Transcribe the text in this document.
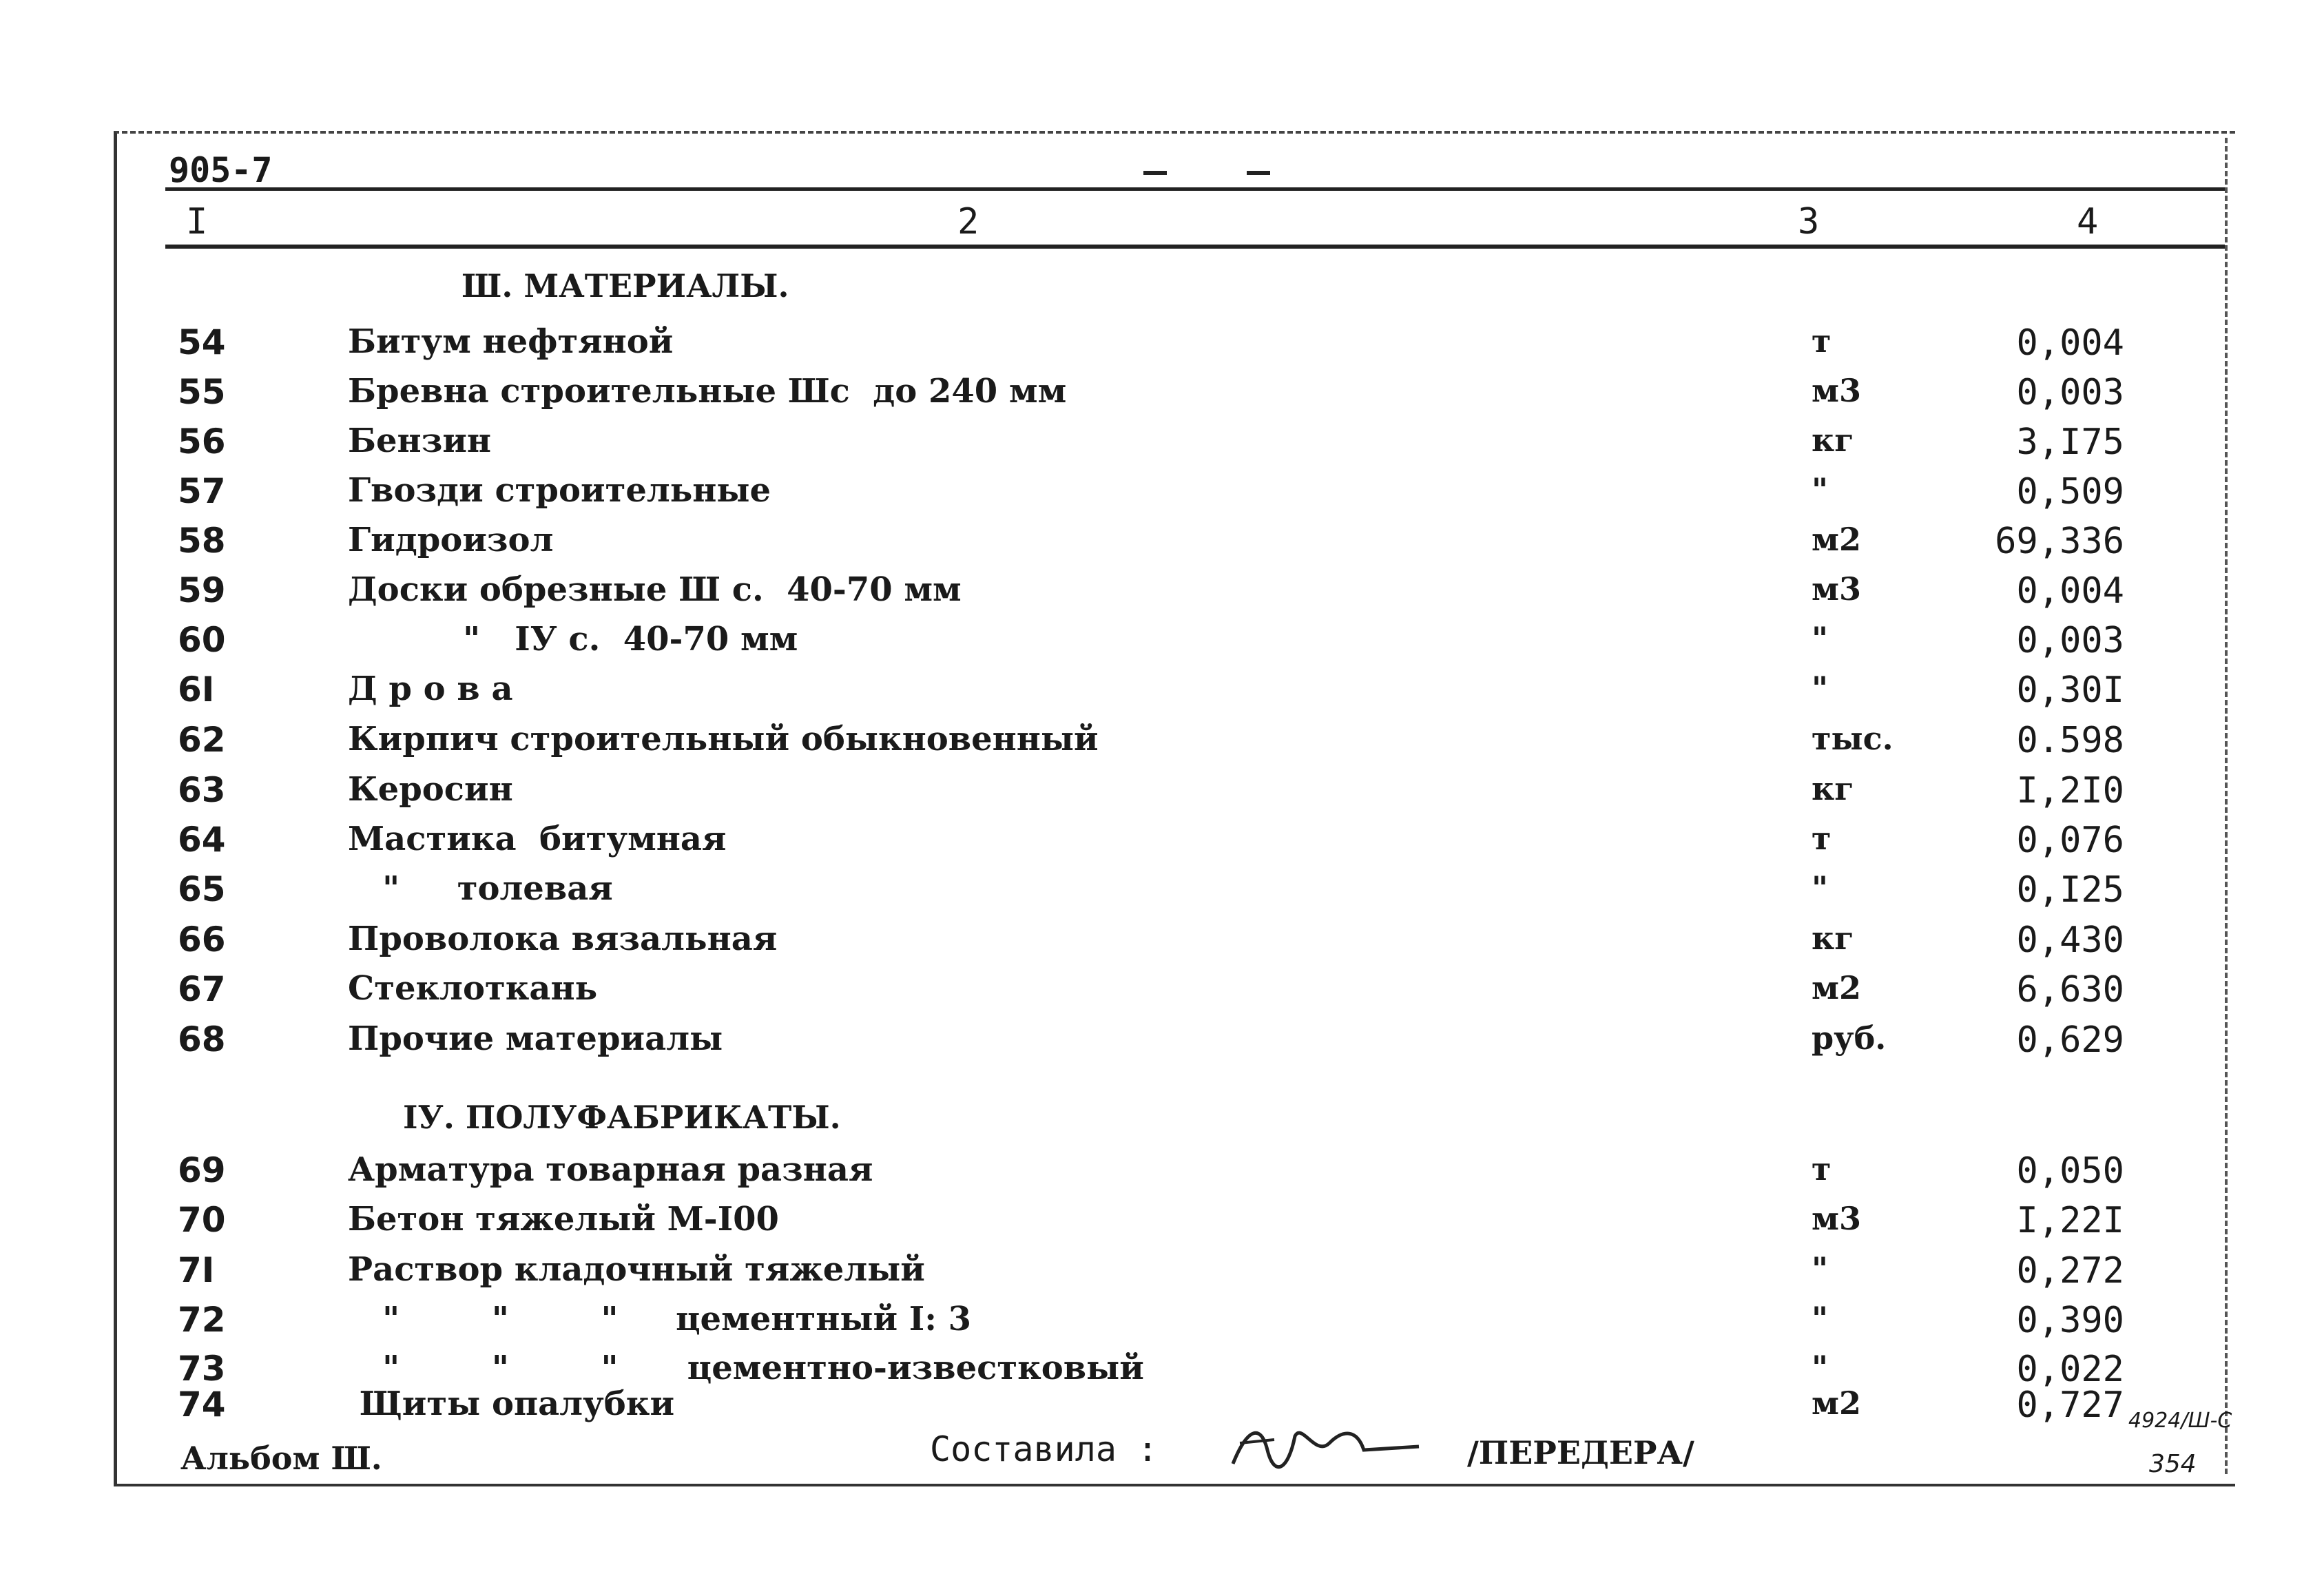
905-7
I	2	3	4
Ш. МАТЕРИАЛЫ.
IУ. ПОЛУФАБРИКАТЫ.
54	Битум нефтяной	т	0,004
55	Бревна строительные Шс  до 240 мм	м3	0,003
56	Бензин	кг	3,I75
57	Гвозди строительные	"	0,509
58	Гидроизол	м2	69,336
59	Доски обрезные Ш с.  40-70 мм	м3	0,004
60	"   IУ с.  40-70 мм	"	0,003
6I	Д р о в а	"	0,30I
62	Кирпич строительный обыкновенный	тыс.	0.598
63	Керосин	кг	I,2I0
64	Мастика  битумная	т	0,076
65	"     толевая	"	0,I25
66	Проволока вязальная	кг	0,430
67	Стеклоткань	м2	6,630
68	Прочие материалы	руб.	0,629
69	Арматура товарная разная	т	0,050
70	Бетон тяжелый М-I00	м3	I,22I
7I	Раствор кладочный тяжелый	"	0,272
72	"        "        "     цементный I: 3	"	0,390
73	"        "        "      цементно-известковый	"	0,022
74	Щиты опалубки	м2	0,727
Альбом Ш.	Составила :	/ПЕРЕДЕРА/
4924/Ш-С
354
